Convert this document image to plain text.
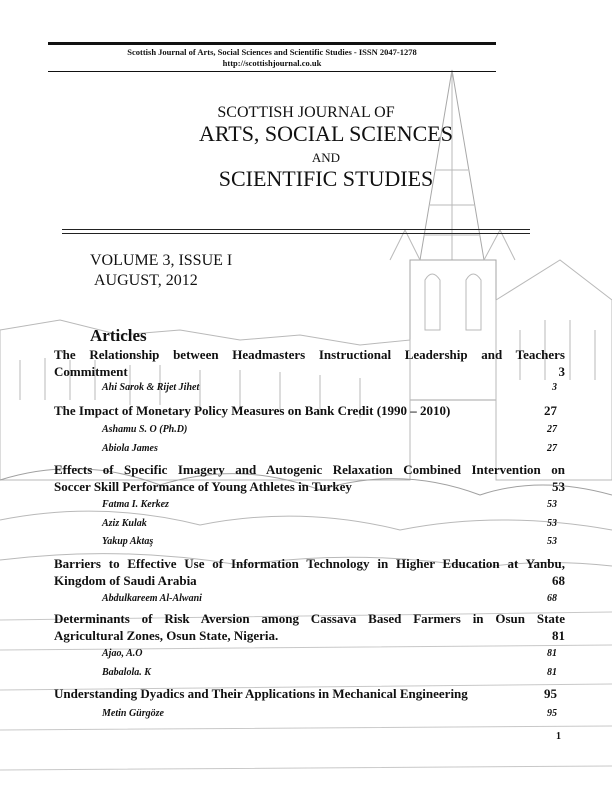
Scottish Journal of Arts, Social Sciences and Scientific Studies - ISSN 2047-1278
http://scottishjournal.co.uk
SCOTTISH JOURNAL OF
ARTS, SOCIAL SCIENCES
AND
SCIENTIFIC STUDIES
VOLUME 3, ISSUE I
AUGUST, 2012
Articles
The Relationship between Headmasters Instructional Leadership and Teachers
Commitment	3
Ahi Sarok & Rijet Jihet	3
The Impact of Monetary Policy Measures on Bank Credit (1990 – 2010)	27
Ashamu S. O (Ph.D)	27
Abiola James	27
Effects of Specific Imagery and Autogenic Relaxation Combined Intervention on
Soccer Skill Performance of Young Athletes in Turkey	53
Fatma I. Kerkez	53
Aziz Kulak	53
Yakup Aktaş	53
Barriers to Effective Use of Information Technology in Higher Education at Yanbu,
Kingdom of Saudi Arabia	68
Abdulkareem Al-Alwani	68
Determinants of Risk Aversion among Cassava Based Farmers in Osun State
Agricultural Zones, Osun State, Nigeria.	81
Ajao, A.O	81
Babalola. K	81
Understanding Dyadics and Their Applications in Mechanical Engineering	95
Metin Gürgöze	95
1
